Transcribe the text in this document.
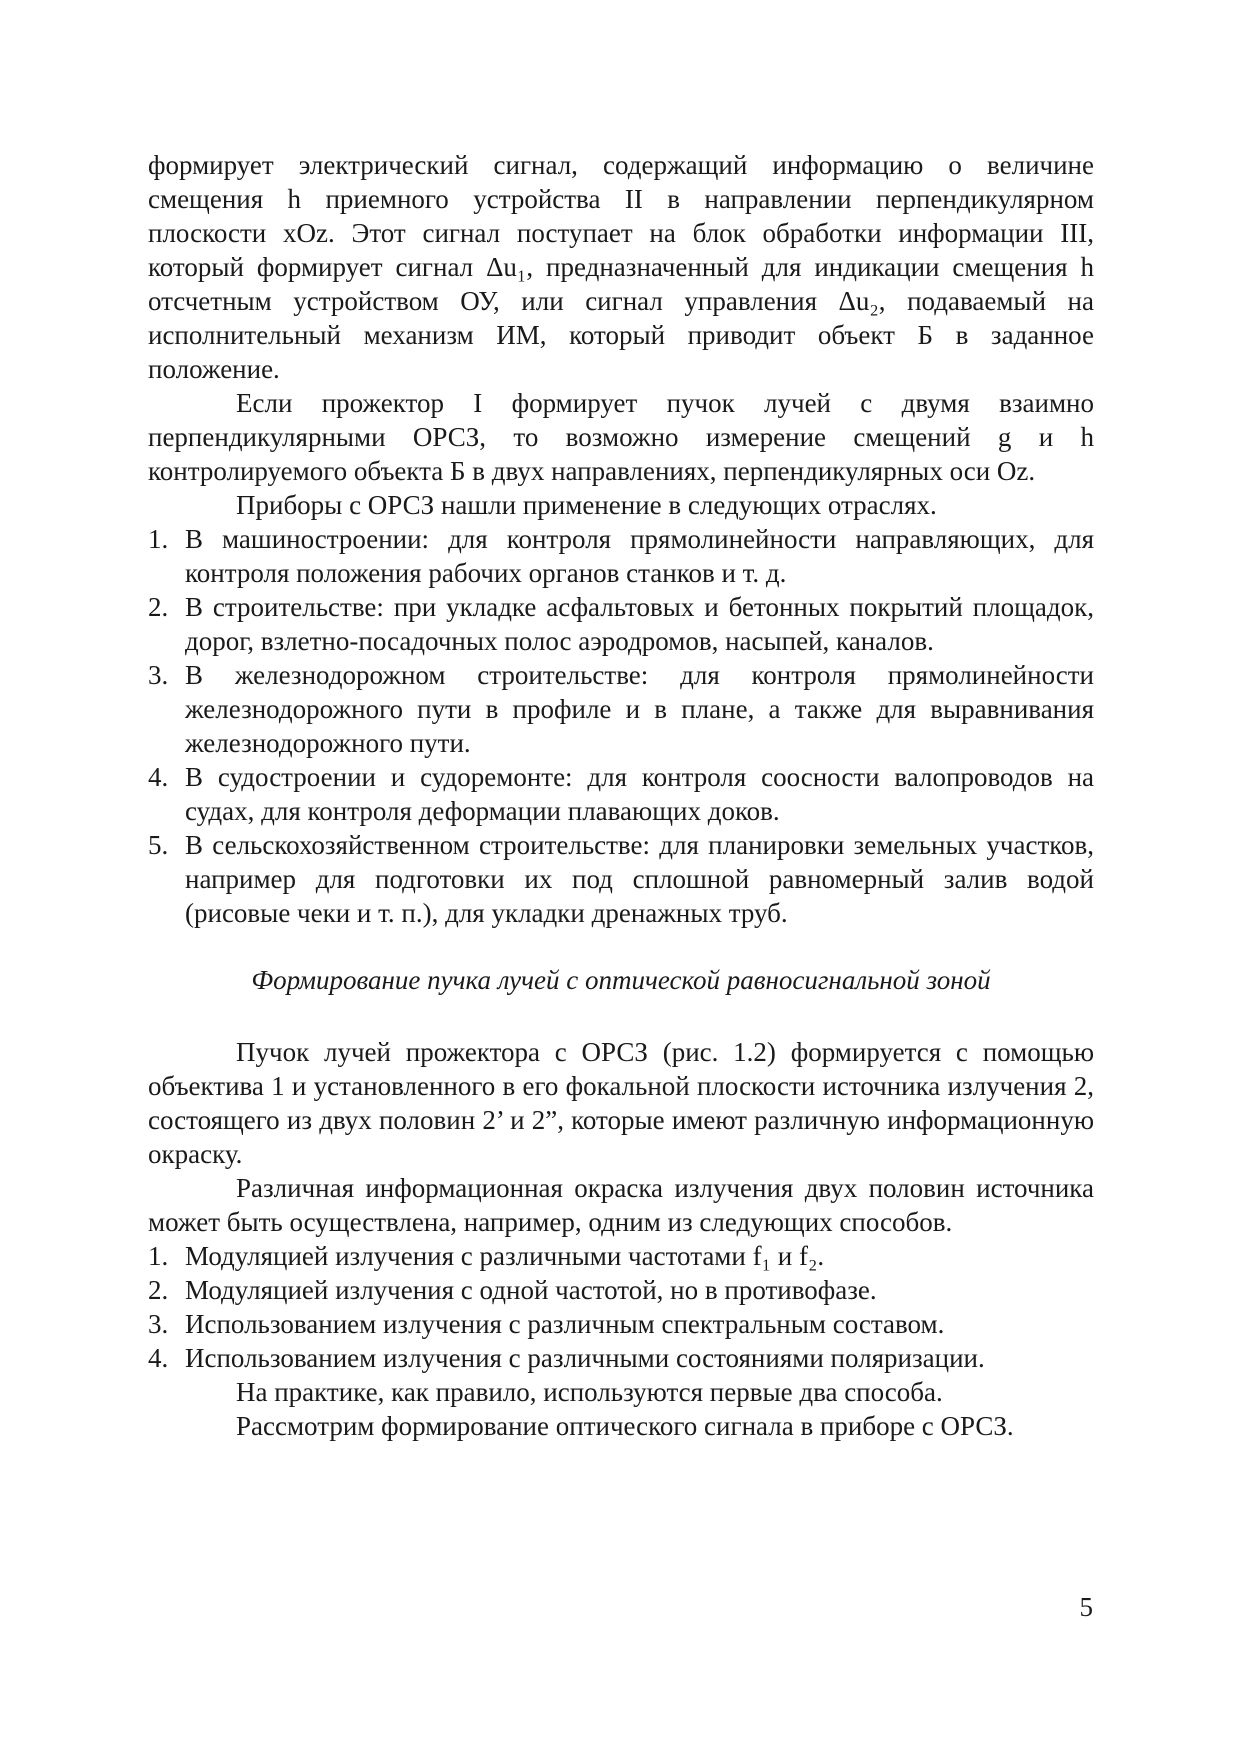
формирует электрический сигнал, содержащий информацию о величине смещения h приемного устройства II в направлении перпендикулярном плоскости xOz. Этот сигнал поступает на блок обработки информации III, который формирует сигнал Δu₁, предназначенный для индикации смещения h отсчетным устройством ОУ, или сигнал управления Δu₂, подаваемый на исполнительный механизм ИМ, который приводит объект Б в заданное положение.

Если прожектор I формирует пучок лучей с двумя взаимно перпендикулярными ОРСЗ, то возможно измерение смещений g и h контролируемого объекта Б в двух направлениях, перпендикулярных оси Oz.

Приборы с ОРСЗ нашли применение в следующих отраслях.

1. В машиностроении: для контроля прямолинейности направляющих, для контроля положения рабочих органов станков и т. д.
2. В строительстве: при укладке асфальтовых и бетонных покрытий площадок, дорог, взлетно-посадочных полос аэродромов, насыпей, каналов.
3. В железнодорожном строительстве: для контроля прямолинейности железнодорожного пути в профиле и в плане, а также для выравнивания железнодорожного пути.
4. В судостроении и судоремонте: для контроля соосности валопроводов на судах, для контроля деформации плавающих доков.
5. В сельскохозяйственном строительстве: для планировки земельных участков, например для подготовки их под сплошной равномерный залив водой (рисовые чеки и т. п.), для укладки дренажных труб.

Формирование пучка лучей с оптической равносигнальной зоной

Пучок лучей прожектора с ОРСЗ (рис. 1.2) формируется с помощью объектива 1 и установленного в его фокальной плоскости источника излучения 2, состоящего из двух половин 2’ и 2”, которые имеют различную информационную окраску.

Различная информационная окраска излучения двух половин источника может быть осуществлена, например, одним из следующих способов.

1. Модуляцией излучения с различными частотами f₁ и f₂.
2. Модуляцией излучения с одной частотой, но в противофазе.
3. Использованием излучения с различным спектральным составом.
4. Использованием излучения с различными состояниями поляризации.

На практике, как правило, используются первые два способа.

Рассмотрим формирование оптического сигнала в приборе с ОРСЗ.

5
